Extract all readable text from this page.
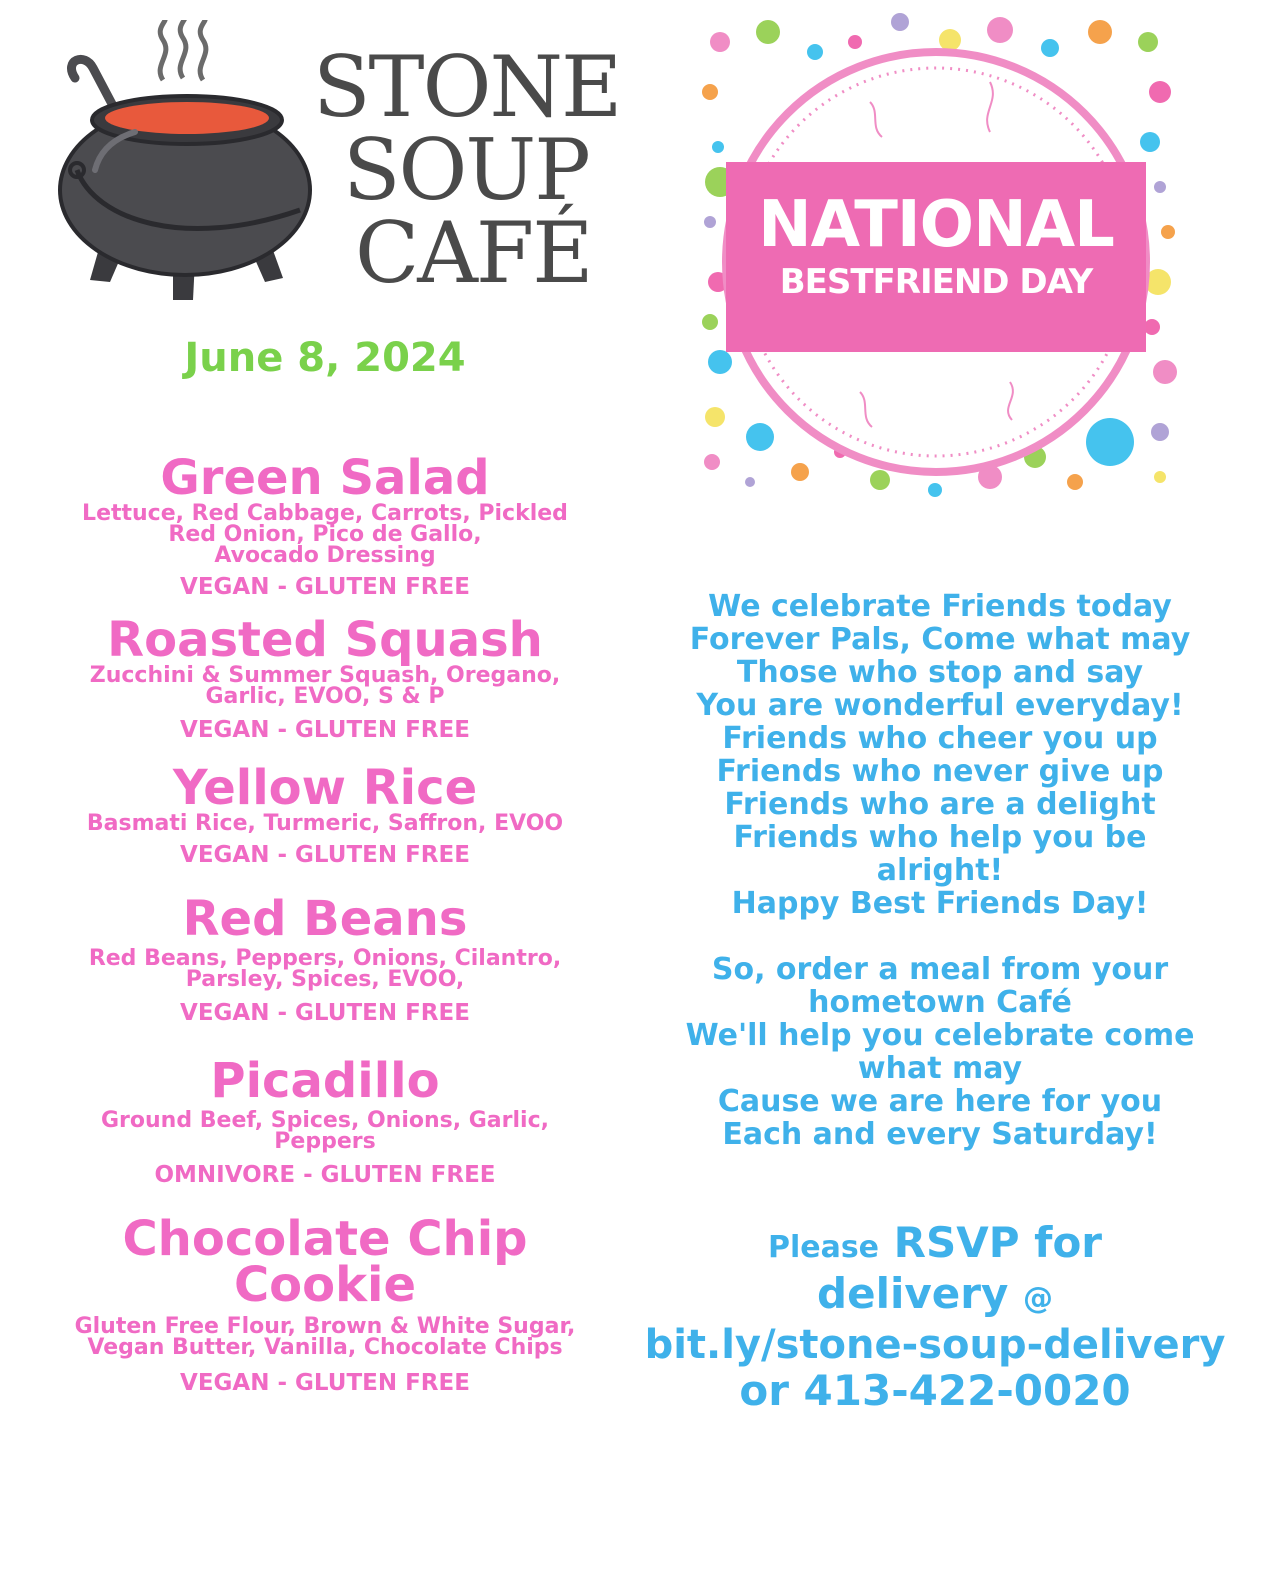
STONE
SOUP
CAFÉ
June 8, 2024
Green Salad
Lettuce, Red Cabbage, Carrots, Pickled
Red Onion, Pico de Gallo,
Avocado Dressing
VEGAN - GLUTEN FREE
Roasted Squash
Zucchini & Summer Squash, Oregano,
Garlic, EVOO, S & P
VEGAN - GLUTEN FREE
Yellow Rice
Basmati Rice, Turmeric, Saffron, EVOO
VEGAN - GLUTEN FREE
Red Beans
Red Beans, Peppers, Onions, Cilantro,
Parsley, Spices, EVOO,
VEGAN - GLUTEN FREE
Picadillo
Ground Beef, Spices, Onions, Garlic,
Peppers
OMNIVORE - GLUTEN FREE
Chocolate Chip
Cookie
Gluten Free Flour, Brown & White Sugar,
Vegan Butter, Vanilla, Chocolate Chips
VEGAN - GLUTEN FREE
NATIONAL
BESTFRIEND DAY
We celebrate Friends today
Forever Pals, Come what may
Those who stop and say
You are wonderful everyday!
Friends who cheer you up
Friends who never give up
Friends who are a delight
Friends who help you be
alright!
Happy Best Friends Day!
So, order a meal from your
hometown Café
We'll help you celebrate come
what may
Cause we are here for you
Each and every Saturday!
Please RSVP for
delivery @
bit.ly/stone-soup-delivery
or 413-422-0020
